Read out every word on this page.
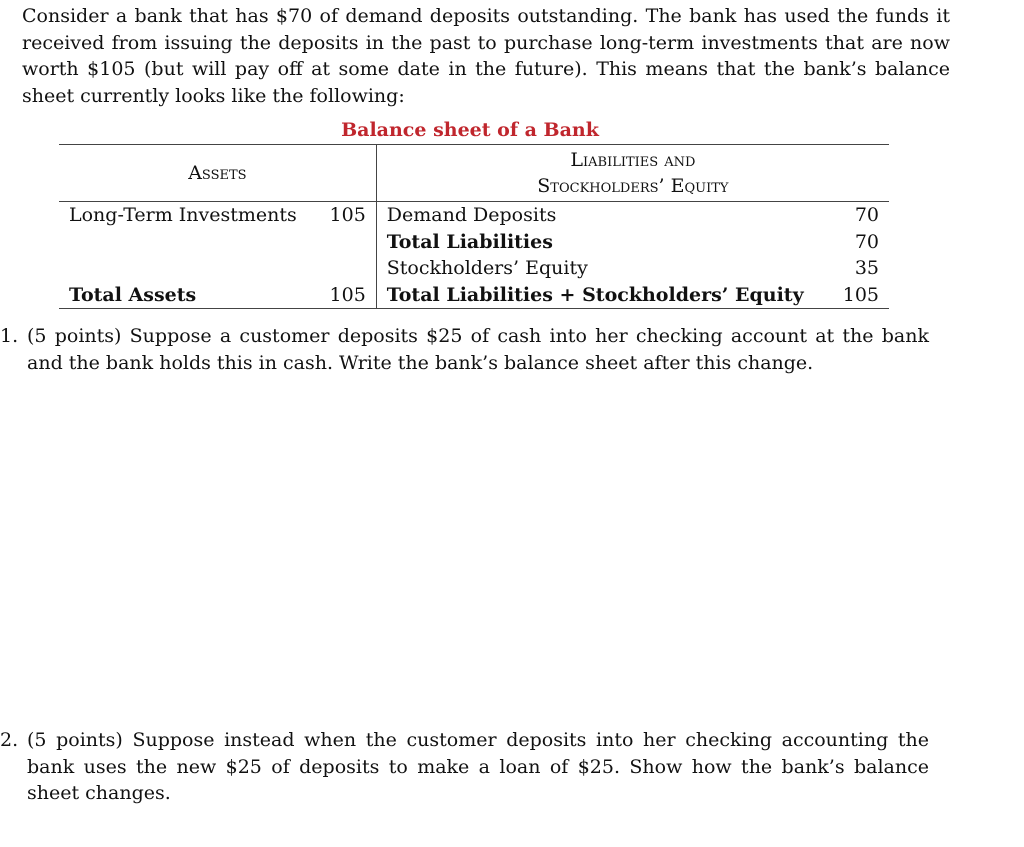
Consider a bank that has $70 of demand deposits outstanding. The bank has used the funds it received from issuing the deposits in the past to purchase long-term investments that are now worth $105 (but will pay off at some date in the future). This means that the bank’s balance sheet currently looks like the following:

Balance sheet of a Bank
Assets		Liabilities and
Stockholders’ Equity	
Long-Term Investments	105	Demand Deposits	70
		Total Liabilities	70
		Stockholders’ Equity	35
Total Assets	105	Total Liabilities + Stockholders’ Equity	105
1. (5 points) Suppose a customer deposits $25 of cash into her checking account at the bank and the bank holds this in cash. Write the bank’s balance sheet after this change.
2. (5 points) Suppose instead when the customer deposits into her checking accounting the bank uses the new $25 of deposits to make a loan of $25. Show how the bank’s balance sheet changes.
